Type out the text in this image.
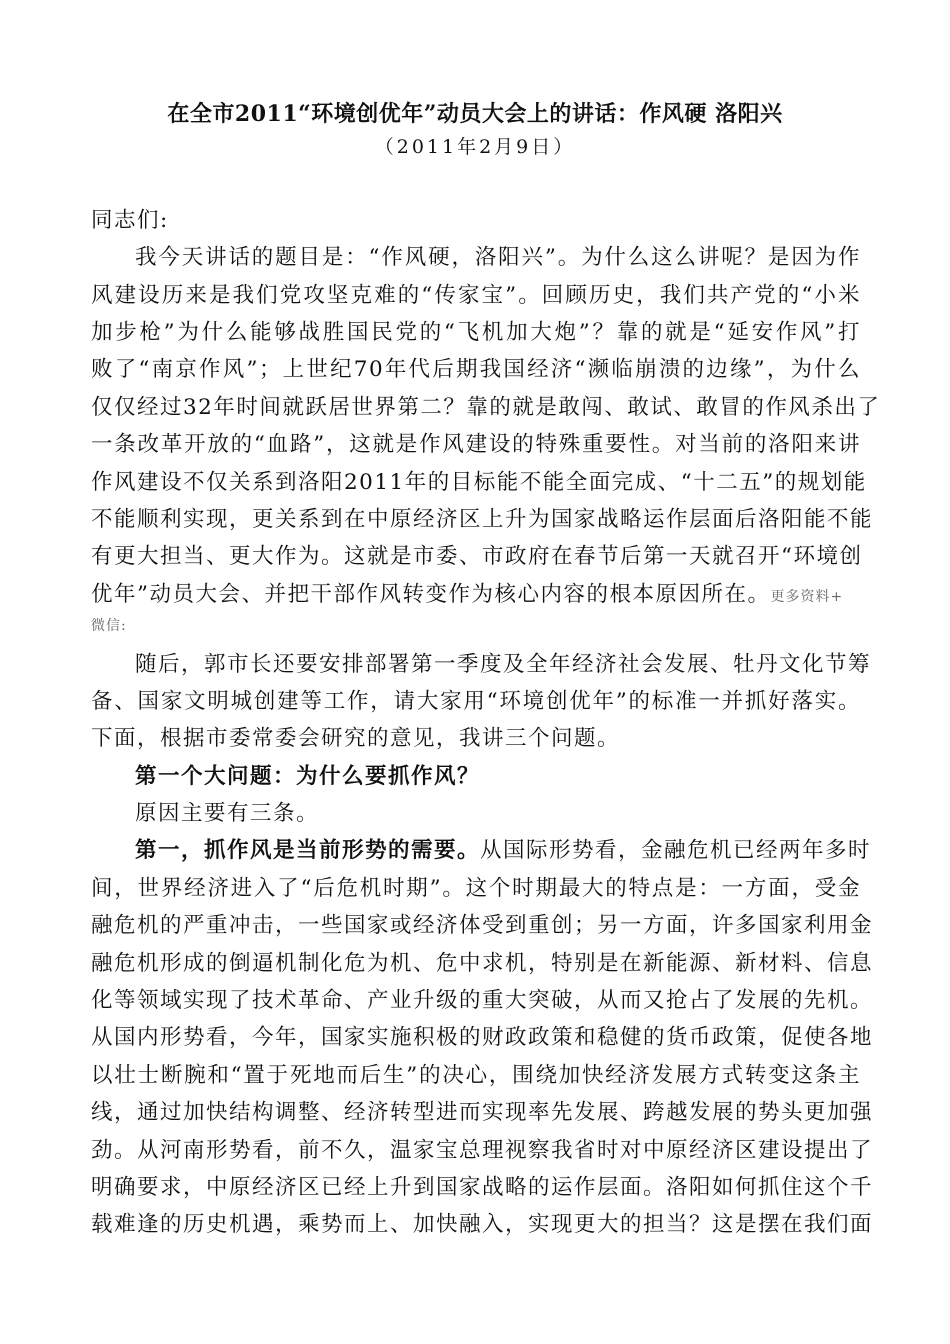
在全市2011“环境创优年”动员大会上的讲话：作风硬 洛阳兴
（2011年2月9日）
同志们:
我今天讲话的题目是：“作风硬，洛阳兴”。为什么这么讲呢？是因为作
风建设历来是我们党攻坚克难的“传家宝”。回顾历史，我们共产党的“小米
加步枪”为什么能够战胜国民党的“飞机加大炮”？靠的就是“延安作风”打
败了“南京作风”；上世纪70年代后期我国经济“濒临崩溃的边缘”，为什么
仅仅经过32年时间就跃居世界第二？靠的就是敢闯、敢试、敢冒的作风杀出了
一条改革开放的“血路”，这就是作风建设的特殊重要性。对当前的洛阳来讲
作风建设不仅关系到洛阳2011年的目标能不能全面完成、“十二五”的规划能
不能顺利实现，更关系到在中原经济区上升为国家战略运作层面后洛阳能不能
有更大担当、更大作为。这就是市委、市政府在春节后第一天就召开“环境创
优年”动员大会、并把干部作风转变作为核心内容的根本原因所在。更多资料+
微信:
随后，郭市长还要安排部署第一季度及全年经济社会发展、牡丹文化节筹
备、国家文明城创建等工作，请大家用“环境创优年”的标准一并抓好落实。
下面，根据市委常委会研究的意见，我讲三个问题。
第一个大问题：为什么要抓作风？
原因主要有三条。
第一，抓作风是当前形势的需要。从国际形势看，金融危机已经两年多时
间，世界经济进入了“后危机时期”。这个时期最大的特点是：一方面，受金
融危机的严重冲击，一些国家或经济体受到重创；另一方面，许多国家利用金
融危机形成的倒逼机制化危为机、危中求机，特别是在新能源、新材料、信息
化等领域实现了技术革命、产业升级的重大突破，从而又抢占了发展的先机。
从国内形势看，今年，国家实施积极的财政政策和稳健的货币政策，促使各地
以壮士断腕和“置于死地而后生”的决心，围绕加快经济发展方式转变这条主
线，通过加快结构调整、经济转型进而实现率先发展、跨越发展的势头更加强
劲。从河南形势看，前不久，温家宝总理视察我省时对中原经济区建设提出了
明确要求，中原经济区已经上升到国家战略的运作层面。洛阳如何抓住这个千
载难逢的历史机遇，乘势而上、加快融入，实现更大的担当？这是摆在我们面
